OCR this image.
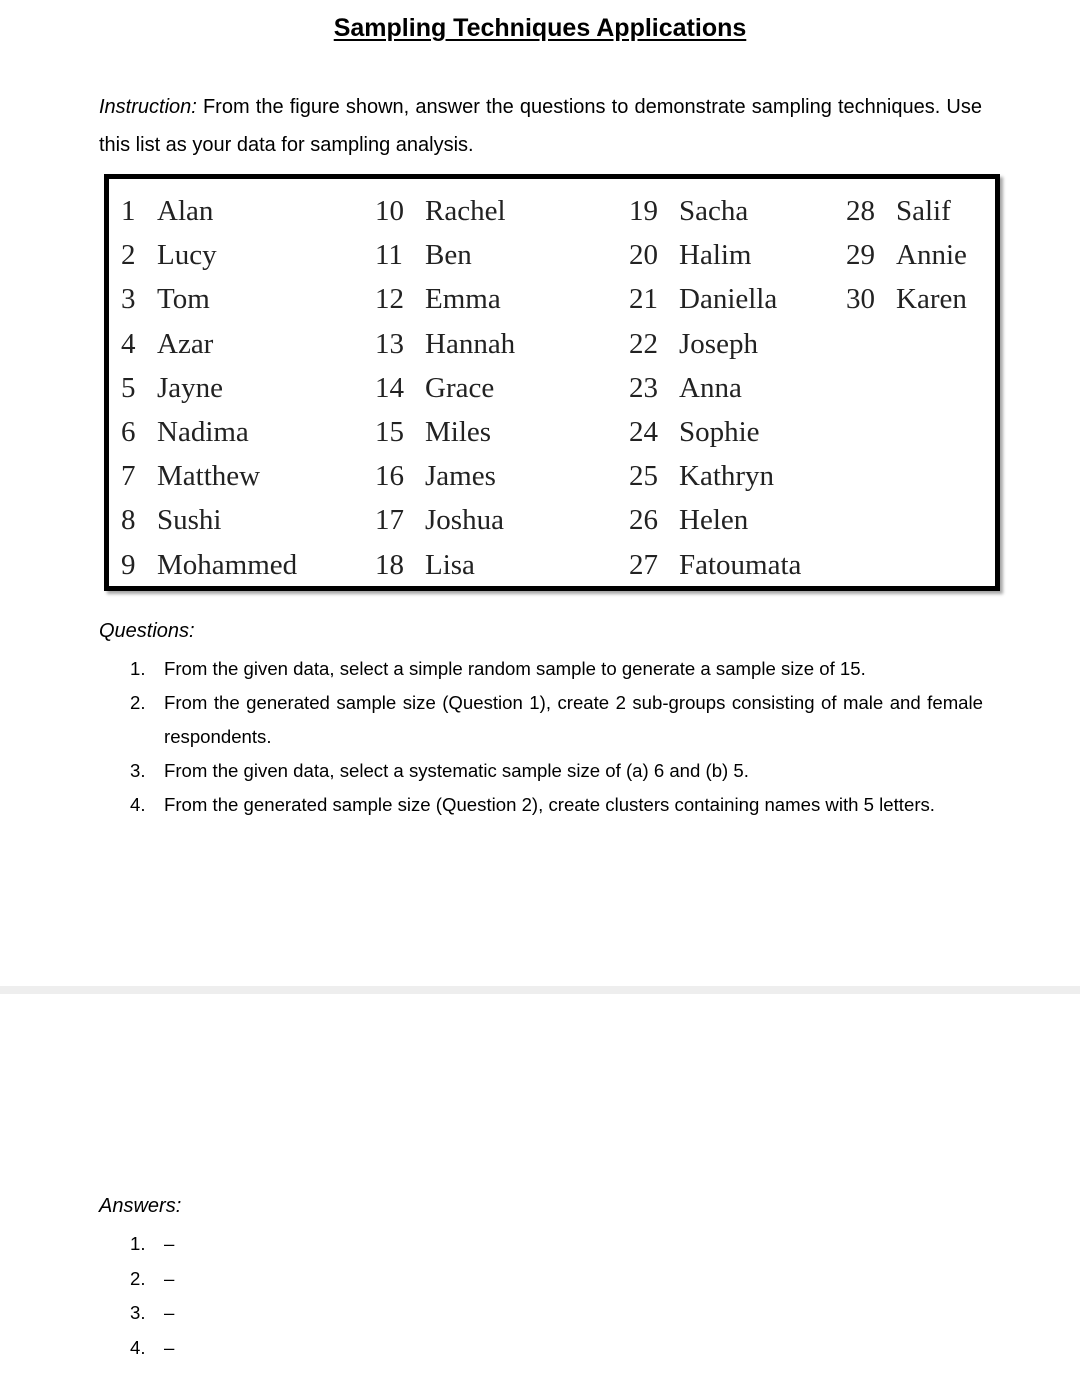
Sampling Techniques Applications
Instruction: From the figure shown, answer the questions to demonstrate sampling techniques. Use this list as your data for sampling analysis.
1 Alan
2 Lucy
3 Tom
4 Azar
5 Jayne
6 Nadima
7 Matthew
8 Sushi
9 Mohammed
10 Rachel
11 Ben
12 Emma
13 Hannah
14 Grace
15 Miles
16 James
17 Joshua
18 Lisa
19 Sacha
20 Halim
21 Daniella
22 Joseph
23 Anna
24 Sophie
25 Kathryn
26 Helen
27 Fatoumata
28 Salif
29 Annie
30 Karen
Questions:
1. From the given data, select a simple random sample to generate a sample size of 15.
2. From the generated sample size (Question 1), create 2 sub-groups consisting of male and female respondents.
3. From the given data, select a systematic sample size of (a) 6 and (b) 5.
4. From the generated sample size (Question 2), create clusters containing names with 5 letters.
Answers:
1. –
2. –
3. –
4. –
